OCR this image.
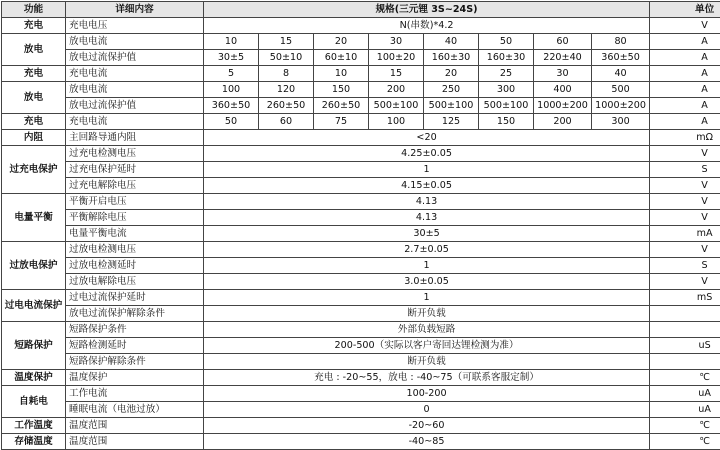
功能	详细内容	规格(三元锂 3S~24S)								单位
充电	充电电压	N(串数)*4.2								V
放电	放电电流	10	15	20	30	40	50	60	80	A
	放电过流保护值	30±5	50±10	60±10	100±20	160±30	160±30	220±40	360±50	A
充电	充电电流	5	8	10	15	20	25	30	40	A
放电	放电电流	100	120	150	200	250	300	400	500	A
	放电过流保护值	360±50	260±50	260±50	500±100	500±100	500±100	1000±200	1000±200	A
充电	充电电流	50	60	75	100	125	150	200	300	A
内阻	主回路导通内阻	<20								mΩ
过充电保护	过充电检测电压	4.25±0.05								V
	过充电保护延时	1								S
	过充电解除电压	4.15±0.05								V
电量平衡	平衡开启电压	4.13								V
	平衡解除电压	4.13								V
	电量平衡电流	30±5								mA
过放电保护	过放电检测电压	2.7±0.05								V
	过放电检测延时	1								S
	过放电解除电压	3.0±0.05								V
过电电流保护	过电过流保护延时	1								mS
	放电过流保护解除条件	断开负载								
短路保护	短路保护条件	外部负载短路								
	短路检测延时	200-500（实际以客户寄回达锂检测为准）								uS
	短路保护解除条件	断开负载								
温度保护	温度保护	充电 : -20~55，放电 : -40~75（可联系客服定制）								℃
自耗电	工作电流	100-200								uA
	睡眠电流（电池过放）	0								uA
工作温度	温度范围	-20~60								℃
存储温度	温度范围	-40~85								℃
